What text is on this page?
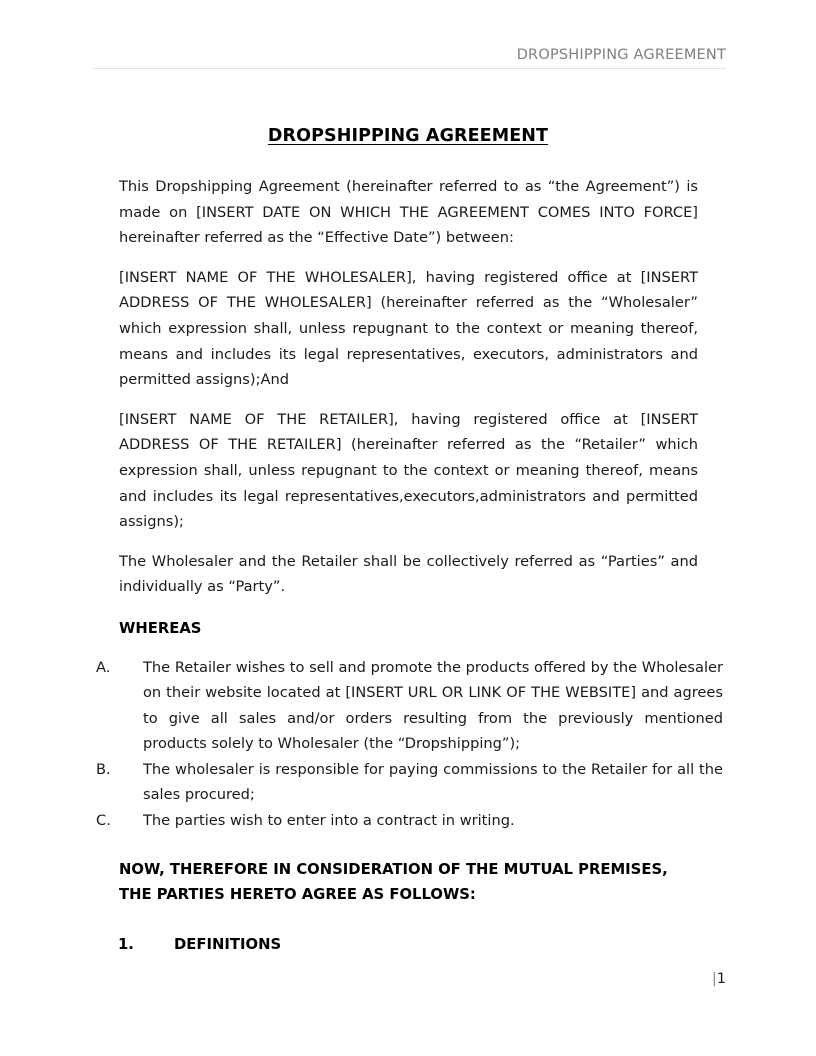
DROPSHIPPING AGREEMENT
DROPSHIPPING AGREEMENT

This Dropshipping Agreement (hereinafter referred to as “the Agreement”) is made on [INSERT DATE ON WHICH THE AGREEMENT COMES INTO FORCE] hereinafter referred as the “Effective Date”) between:

[INSERT NAME OF THE WHOLESALER], having registered office at [INSERT ADDRESS OF THE WHOLESALER] (hereinafter referred as the “Wholesaler” which expression shall, unless repugnant to the context or meaning thereof, means and includes its legal representatives, executors, administrators and permitted assigns);And

[INSERT NAME OF THE RETAILER], having registered office at [INSERT ADDRESS OF THE RETAILER] (hereinafter referred as the “Retailer” which expression shall, unless repugnant to the context or meaning thereof, means and includes its legal representatives,executors,administrators and permitted assigns);

The Wholesaler and the Retailer shall be collectively referred as “Parties” and individually as “Party”.

WHEREAS
A.	The Retailer wishes to sell and promote the products offered by the Wholesaler on their website located at [INSERT URL OR LINK OF THE WEBSITE] and agrees to give all sales and/or orders resulting from the previously mentioned products solely to Wholesaler (the “Dropshipping”);
B.	The wholesaler is responsible for paying commissions to the Retailer for all the sales procured;
C.	The parties wish to enter into a contract in writing.
NOW, THEREFORE IN CONSIDERATION OF THE MUTUAL PREMISES, THE PARTIES HERETO AGREE AS FOLLOWS:
1.	DEFINITIONS
|1
